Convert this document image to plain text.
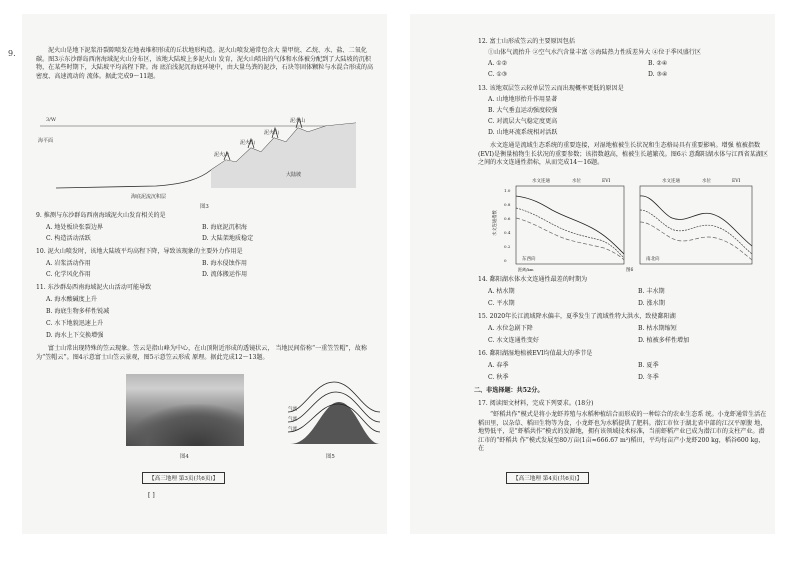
9.	泥火山是地下泥浆沿裂隙喷发在地表堆积形成的丘状地形构造。泥火山喷发通常包含大 量甲烷、乙烷、水、盐、二氧化碳。图3示东沙群岛西南海域泥火山分布区，该地大陆坡上多泥火山 发育，泥火山喷出的气体和水体被分配到了大陆坡的沉积物，在某些时期下，大陆坡平均高程下降。海 底泊浅泥沉海底环境中，由大量鸟粪的泥沙，石块等固体颗粒与水混合形成的高密度、高速流动的 流体。据此完成9～11题。
3/W
海平面
泥火山
泥火山
泥火山
泥火山
大陆坡
海底泥流沉积层
图3
9. 推测与东沙群岛西南海域泥火山发育相关的是
A. 地处板块张裂边界	B. 海底泥沉积海
C. 构造活动活跃	D. 大陆架地质稳定
10. 泥火山喷发时，该地大陆坡平均高程下降，导致该现象的主要外力作用是
A. 岩浆活动作用	B. 海水侵蚀作用
C. 化学风化作用	D. 流体搬运作用
11. 东沙群岛西南海域泥火山活动可能导致
A. 海水酸碱度上升
B. 海底生物多样性锐减
C. 水下地貌迅速上升
D. 海水上下交换增强
富士山常出现特殊的笠云现象。笠云是指山峰为中心，在山顶附近形成的透镜状云， 当地民间俗称“一重笠笠帽”，故称为“笠帽云”。图4示意富士山笠云景观，图5示意笠云形成 原理。据此完成12～13题。
图4
气流
气流
气流
图5
【高三地理 第3页(共6页)】
[ ]
12. 富士山形成笠云的主要原因包括
①山体气流抬升 ②空气水汽含量丰富 ③海陆热力性质差异大 ④位于季风盛行区
A. ①②	B. ②④
C. ①③	D. ③④
13. 该地双层笠云较单层笠云而出现概率更低的原因是
A. 山地地形抬升作用显著
B. 大气垂直运动强度较强
C. 对流层大气稳定度更高
D. 山地环流系统相对活跃
水文连通是流域生态系统的重要连接，对湿地植被生长状况和生态格局具有重要影响。增强 植被指数(EVI)是衡量植物生长状况的重要参数；该指数越高，植被生长越繁茂。图6示 意鄱阳湖水体与江西省某湖区之间的水文连通性指标，从而完成14～16题。
水文连通	水位	EVI	水文连通	水位	EVI
水文连通指数
1.0
0.8
0.6
0.4
0.2
0	东西向	南北向
距离/km	图6
14. 鄱阳湖水体水文连通性最差的时期为
A. 枯水期	B. 丰水期
C. 平水期	D. 涨水期
15. 2020年长江流域降水偏丰，夏季发生了流域性特大洪水，致使鄱阳湖
A. 水位急剧下降	B. 枯水期缩短
C. 水文连通性变好	D. 植被多样性增加
16. 鄱阳湖湿地植被EVI均值最大的季节是
A. 春季	B. 夏季
C. 秋季	D. 冬季
二、非选择题：共52分。
17. 阅读图文材料，完成下列要求。(18分)
“虾稻共作”模式是将小龙虾养殖与水稻种植结合而形成的一种综合的农业生态系 统。小龙虾通常生活在稻田里，以杂草、稻田生物等为食，小龙虾也为水稻提供了肥料。潜江市位于湖北省中部的江汉平原腹 地，地势低平，是“虾稻共作”模式的发源地，拥有该领域技术标准，当前虾稻产业已成为潜江市的支柱产业。潜江市的“虾稻共 作”模式发展至80万亩(1亩≈666.67 m²)稻田，平均每亩产小龙虾200 kg，稻谷600 kg，在
【高三地理 第4页(共6页)】
